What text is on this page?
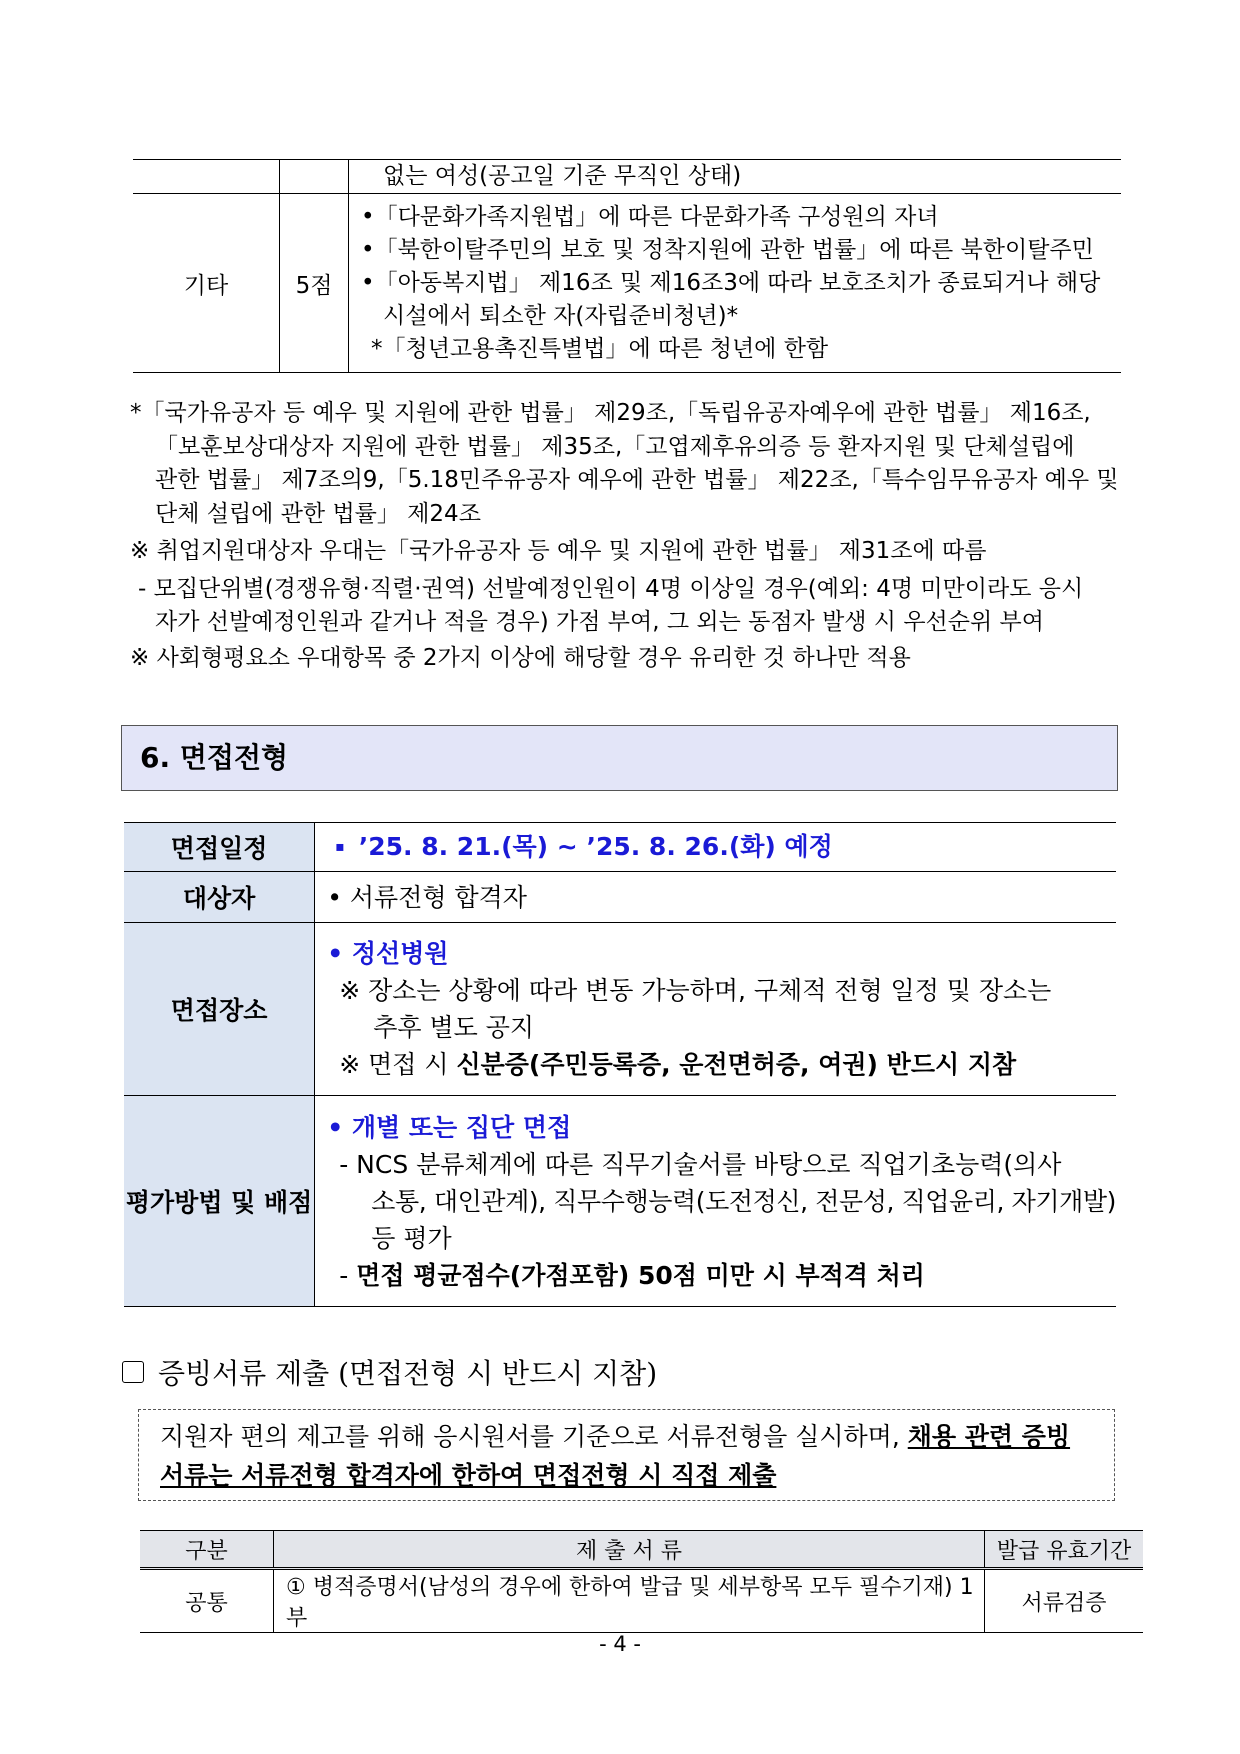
		없는 여성(공고일 기준 무직인 상태)

기타	5점	•「다문화가족지원법」에 따른 다문화가족 구성원의 자녀
•「북한이탈주민의 보호 및 정착지원에 관한 법률」에 따른 북한이탈주민
•「아동복지법」 제16조 및 제16조3에 따라 보호조치가 종료되거나 해당
시설에서 퇴소한 자(자립준비청년)*
*「청년고용촉진특별법」에 따른 청년에 한함
*「국가유공자 등 예우 및 지원에 관한 법률」 제29조,「독립유공자예우에 관한 법률」 제16조,
「보훈보상대상자 지원에 관한 법률」 제35조,「고엽제후유의증 등 환자지원 및 단체설립에
관한 법률」 제7조의9,「5.18민주유공자 예우에 관한 법률」 제22조,「특수임무유공자 예우 및
단체 설립에 관한 법률」 제24조
※ 취업지원대상자 우대는「국가유공자 등 예우 및 지원에 관한 법률」 제31조에 따름
- 모집단위별(경쟁유형·직렬·권역) 선발예정인원이 4명 이상일 경우(예외: 4명 미만이라도 응시
자가 선발예정인원과 같거나 적을 경우) 가점 부여, 그 외는 동점자 발생 시 우선순위 부여
※ 사회형평요소 우대항목 중 2가지 이상에 해당할 경우 유리한 것 하나만 적용
6. 면접전형
면접일정	▪ ’25. 8. 21.(목) ~ ’25. 8. 26.(화) 예정
대상자	• 서류전형 합격자
면접장소	• 정선병원
※ 장소는 상황에 따라 변동 가능하며, 구체적 전형 일정 및 장소는
추후 별도 공지
※ 면접 시 신분증(주민등록증, 운전면허증, 여권) 반드시 지참

평가방법 및 배점	• 개별 또는 집단 면접
- NCS 분류체계에 따른 직무기술서를 바탕으로 직업기초능력(의사
소통, 대인관계), 직무수행능력(도전정신, 전문성, 직업윤리, 자기개발)
등 평가
- 면접 평균점수(가점포함) 50점 미만 시 부적격 처리
증빙서류 제출 (면접전형 시 반드시 지참)
지원자 편의 제고를 위해 응시원서를 기준으로 서류전형을 실시하며, 채용 관련 증빙
서류는 서류전형 합격자에 한하여 면접전형 시 직접 제출
구분	제 출 서 류	발급 유효기간
공통	① 병적증명서(남성의 경우에 한하여 발급 및 세부항목 모두 필수기재) 1부	서류검증
- 4 -
